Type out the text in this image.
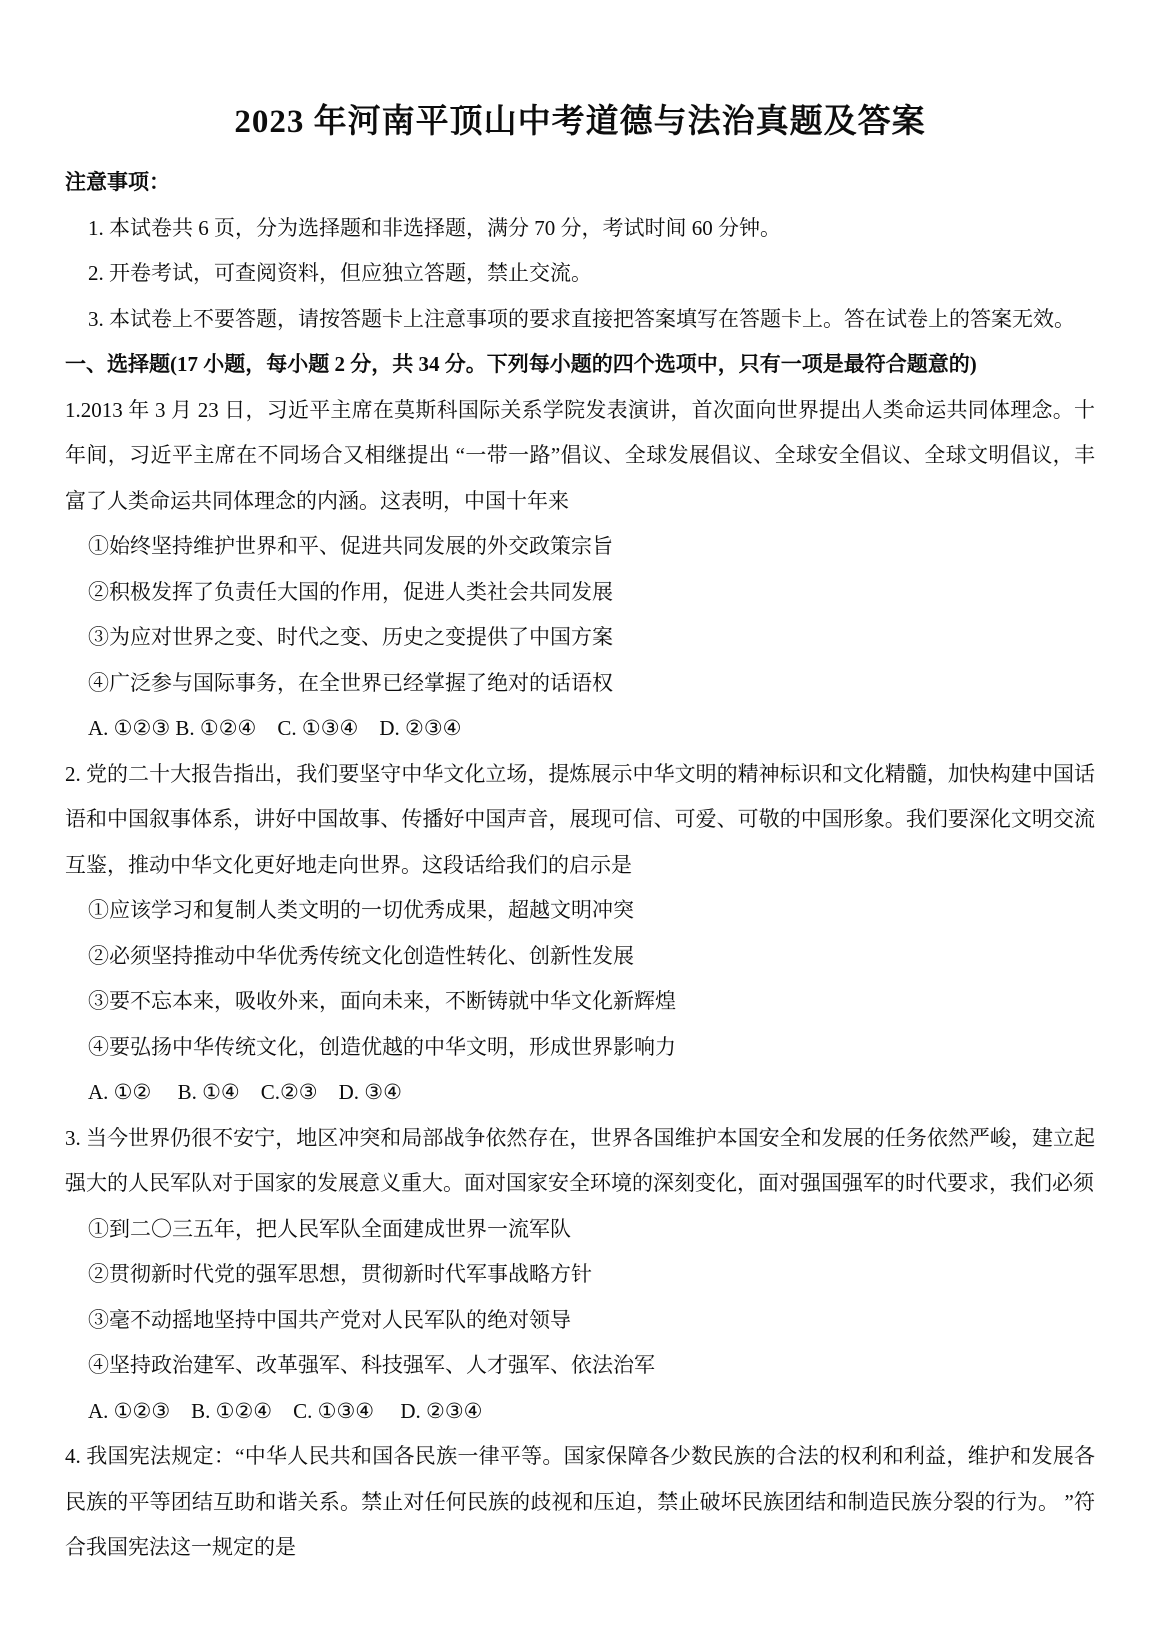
2023 年河南平顶山中考道德与法治真题及答案

注意事项：

1. 本试卷共 6 页，分为选择题和非选择题，满分 70 分，考试时间 60 分钟。

2. 开卷考试，可查阅资料，但应独立答题，禁止交流。

3. 本试卷上不要答题，请按答题卡上注意事项的要求直接把答案填写在答题卡上。答在试卷上的答案无效。

一、选择题(17 小题，每小题 2 分，共 34 分。下列每小题的四个选项中，只有一项是最符合题意的)

1.2013 年 3 月 23 日，习近平主席在莫斯科国际关系学院发表演讲，首次面向世界提出人类命运共同体理念。十年间，习近平主席在不同场合又相继提出 “一带一路”倡议、全球发展倡议、全球安全倡议、全球文明倡议，丰富了人类命运共同体理念的内涵。这表明，中国十年来

①始终坚持维护世界和平、促进共同发展的外交政策宗旨

②积极发挥了负责任大国的作用，促进人类社会共同发展

③为应对世界之变、时代之变、历史之变提供了中国方案

④广泛参与国际事务，在全世界已经掌握了绝对的话语权

A. ①②③ B. ①②④　C. ①③④　D. ②③④

2. 党的二十大报告指出，我们要坚守中华文化立场，提炼展示中华文明的精神标识和文化精髓，加快构建中国话语和中国叙事体系，讲好中国故事、传播好中国声音，展现可信、可爱、可敬的中国形象。我们要深化文明交流互鉴，推动中华文化更好地走向世界。这段话给我们的启示是

①应该学习和复制人类文明的一切优秀成果，超越文明冲突

②必须坚持推动中华优秀传统文化创造性转化、创新性发展

③要不忘本来，吸收外来，面向未来，不断铸就中华文化新辉煌

④要弘扬中华传统文化，创造优越的中华文明，形成世界影响力

A. ①②　 B. ①④　C.②③　D. ③④

3. 当今世界仍很不安宁，地区冲突和局部战争依然存在，世界各国维护本国安全和发展的任务依然严峻，建立起强大的人民军队对于国家的发展意义重大。面对国家安全环境的深刻变化，面对强国强军的时代要求，我们必须

①到二〇三五年，把人民军队全面建成世界一流军队

②贯彻新时代党的强军思想，贯彻新时代军事战略方针

③毫不动摇地坚持中国共产党对人民军队的绝对领导

④坚持政治建军、改革强军、科技强军、人才强军、依法治军

A. ①②③　B. ①②④　C. ①③④　 D. ②③④

4. 我国宪法规定：“中华人民共和国各民族一律平等。国家保障各少数民族的合法的权利和利益，维护和发展各民族的平等团结互助和谐关系。禁止对任何民族的歧视和压迫，禁止破坏民族团结和制造民族分裂的行为。 ”符合我国宪法这一规定的是
